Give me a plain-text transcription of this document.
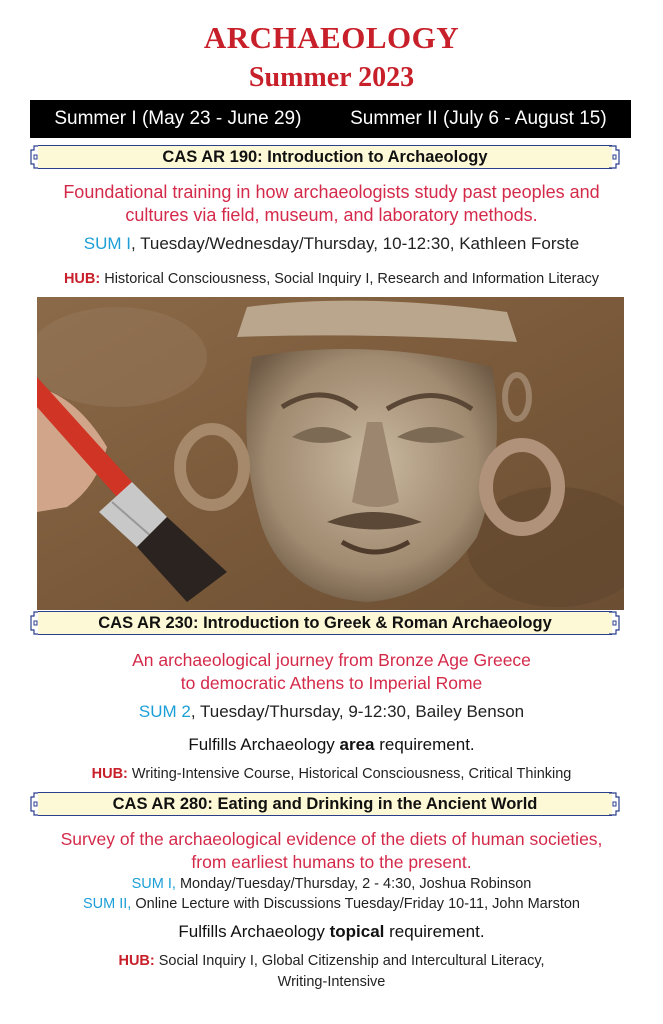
ARCHAEOLOGY
Summer 2023
Summer I (May 23 - June 29)	Summer II (July 6 - August 15)
CAS AR 190: Introduction to Archaeology
Foundational training in how archaeologists study past peoples and
cultures via field, museum, and laboratory methods.
SUM I, Tuesday/Wednesday/Thursday, 10-12:30, Kathleen Forste
HUB: Historical Consciousness, Social Inquiry I, Research and Information Literacy
CAS AR 230: Introduction to Greek & Roman Archaeology
An archaeological journey from Bronze Age Greece
to democratic Athens to Imperial Rome
SUM 2, Tuesday/Thursday, 9-12:30, Bailey Benson
Fulfills Archaeology area requirement.
HUB: Writing-Intensive Course, Historical Consciousness, Critical Thinking
CAS AR 280: Eating and Drinking in the Ancient World
Survey of the archaeological evidence of the diets of human societies,
from earliest humans to the present.
SUM I, Monday/Tuesday/Thursday, 2 - 4:30, Joshua Robinson
SUM II, Online Lecture with Discussions Tuesday/Friday 10-11, John Marston
Fulfills Archaeology topical requirement.
HUB: Social Inquiry I, Global Citizenship and Intercultural Literacy,
Writing-Intensive
